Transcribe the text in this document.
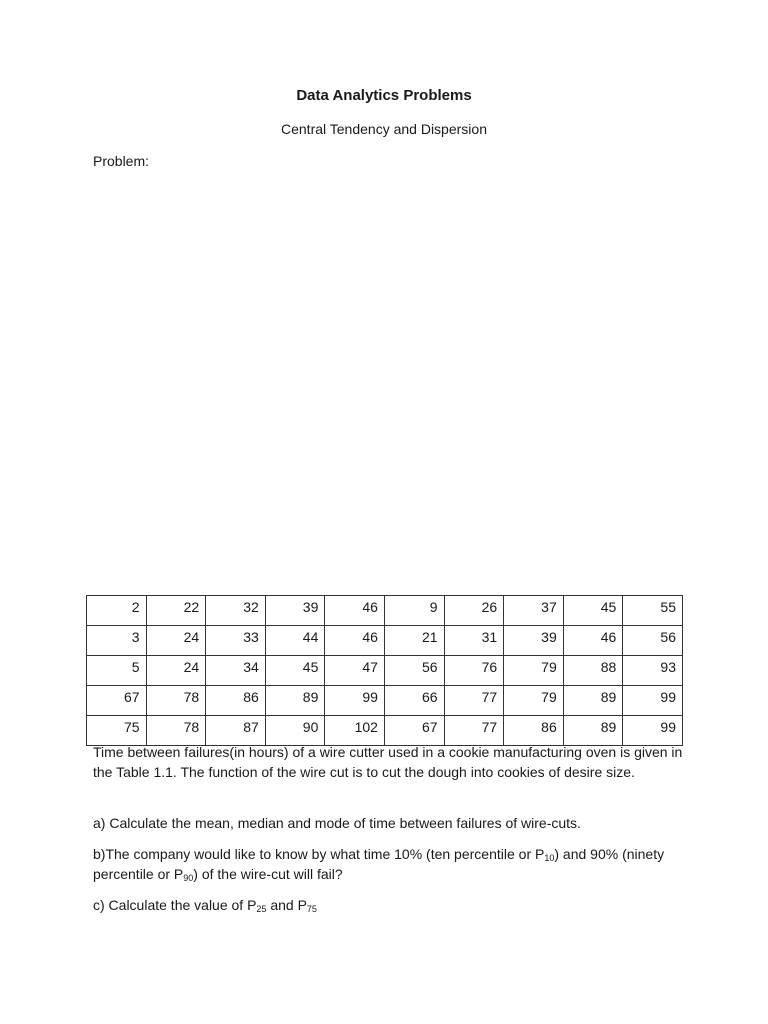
Data Analytics Problems
Central Tendency and Dispersion
Problem:
2	22	32	39	46	9	26	37	45	55
3	24	33	44	46	21	31	39	46	56
5	24	34	45	47	56	76	79	88	93
67	78	86	89	99	66	77	79	89	99
75	78	87	90	102	67	77	86	89	99
Time between failures(in hours) of a wire cutter used in a cookie manufacturing oven is given in the Table 1.1. The function of the wire cut is to cut the dough into cookies of desire size.
a) Calculate the mean, median and mode of time between failures of wire-cuts.
b)The company would like to know by what time 10% (ten percentile or $P_{10}$) and 90% (ninety percentile or $P_{90}$) of the wire-cut will fail?
c) Calculate the value of $P_{25}$ and $P_{75}$
